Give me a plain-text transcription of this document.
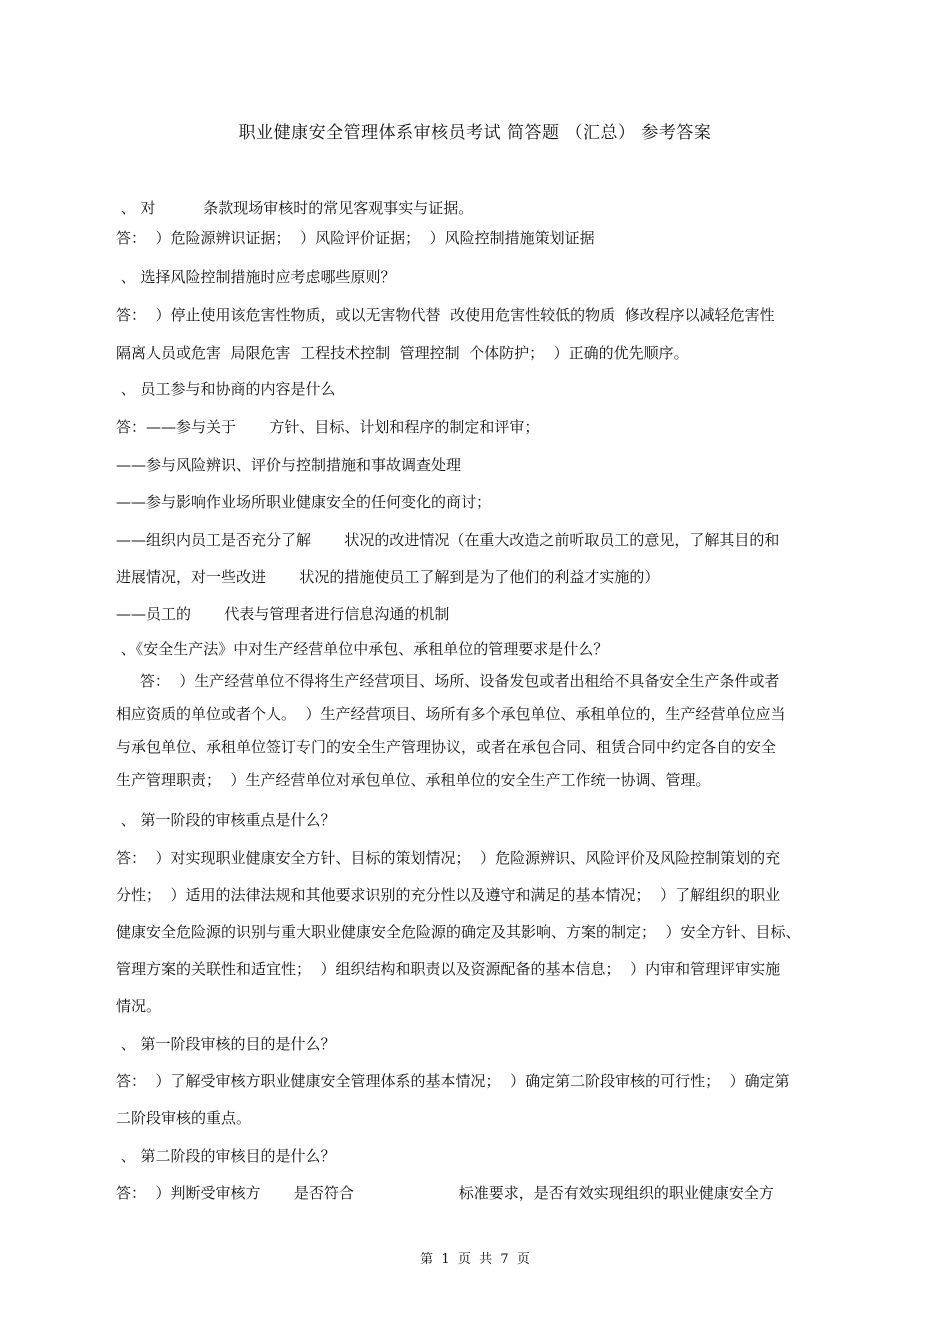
职业健康安全管理体系审核员考试 简答题 （汇总） 参考答案
、 对          条款现场审核时的常见客观事实与证据。
答：  ）危险源辨识证据；  ）风险评价证据；  ）风险控制措施策划证据
、 选择风险控制措施时应考虑哪些原则？
答：  ）停止使用该危害性物质，或以无害物代替  改使用危害性较低的物质  修改程序以减轻危害性
隔离人员或危害  局限危害  工程技术控制  管理控制  个体防护；  ）正确的优先顺序。
、 员工参与和协商的内容是什么
答：——参与关于       方针、目标、计划和程序的制定和评审；
——参与风险辨识、评价与控制措施和事故调查处理
——参与影响作业场所职业健康安全的任何变化的商讨；
——组织内员工是否充分了解       状况的改进情况（在重大改造之前听取员工的意见，了解其目的和
进展情况，对一些改进       状况的措施使员工了解到是为了他们的利益才实施的）
——员工的       代表与管理者进行信息沟通的机制
、《安全生产法》中对生产经营单位中承包、承租单位的管理要求是什么？
答：  ）生产经营单位不得将生产经营项目、场所、设备发包或者出租给不具备安全生产条件或者
相应资质的单位或者个人。  ）生产经营项目、场所有多个承包单位、承租单位的，生产经营单位应当
与承包单位、承租单位签订专门的安全生产管理协议，或者在承包合同、租赁合同中约定各自的安全
生产管理职责；  ）生产经营单位对承包单位、承租单位的安全生产工作统一协调、管理。
、 第一阶段的审核重点是什么？
答：  ）对实现职业健康安全方针、目标的策划情况；  ）危险源辨识、风险评价及风险控制策划的充
分性；  ）适用的法律法规和其他要求识别的充分性以及遵守和满足的基本情况；  ）了解组织的职业
健康安全危险源的识别与重大职业健康安全危险源的确定及其影响、方案的制定；  ）安全方针、目标、
管理方案的关联性和适宜性；  ）组织结构和职责以及资源配备的基本信息；  ）内审和管理评审实施
情况。
、 第一阶段审核的目的是什么？
答：  ）了解受审核方职业健康安全管理体系的基本情况；  ）确定第二阶段审核的可行性；  ）确定第
二阶段审核的重点。
、 第二阶段的审核目的是什么？
答：  ）判断受审核方       是否符合                      标准要求，是否有效实现组织的职业健康安全方
第  1  页  共  7  页
